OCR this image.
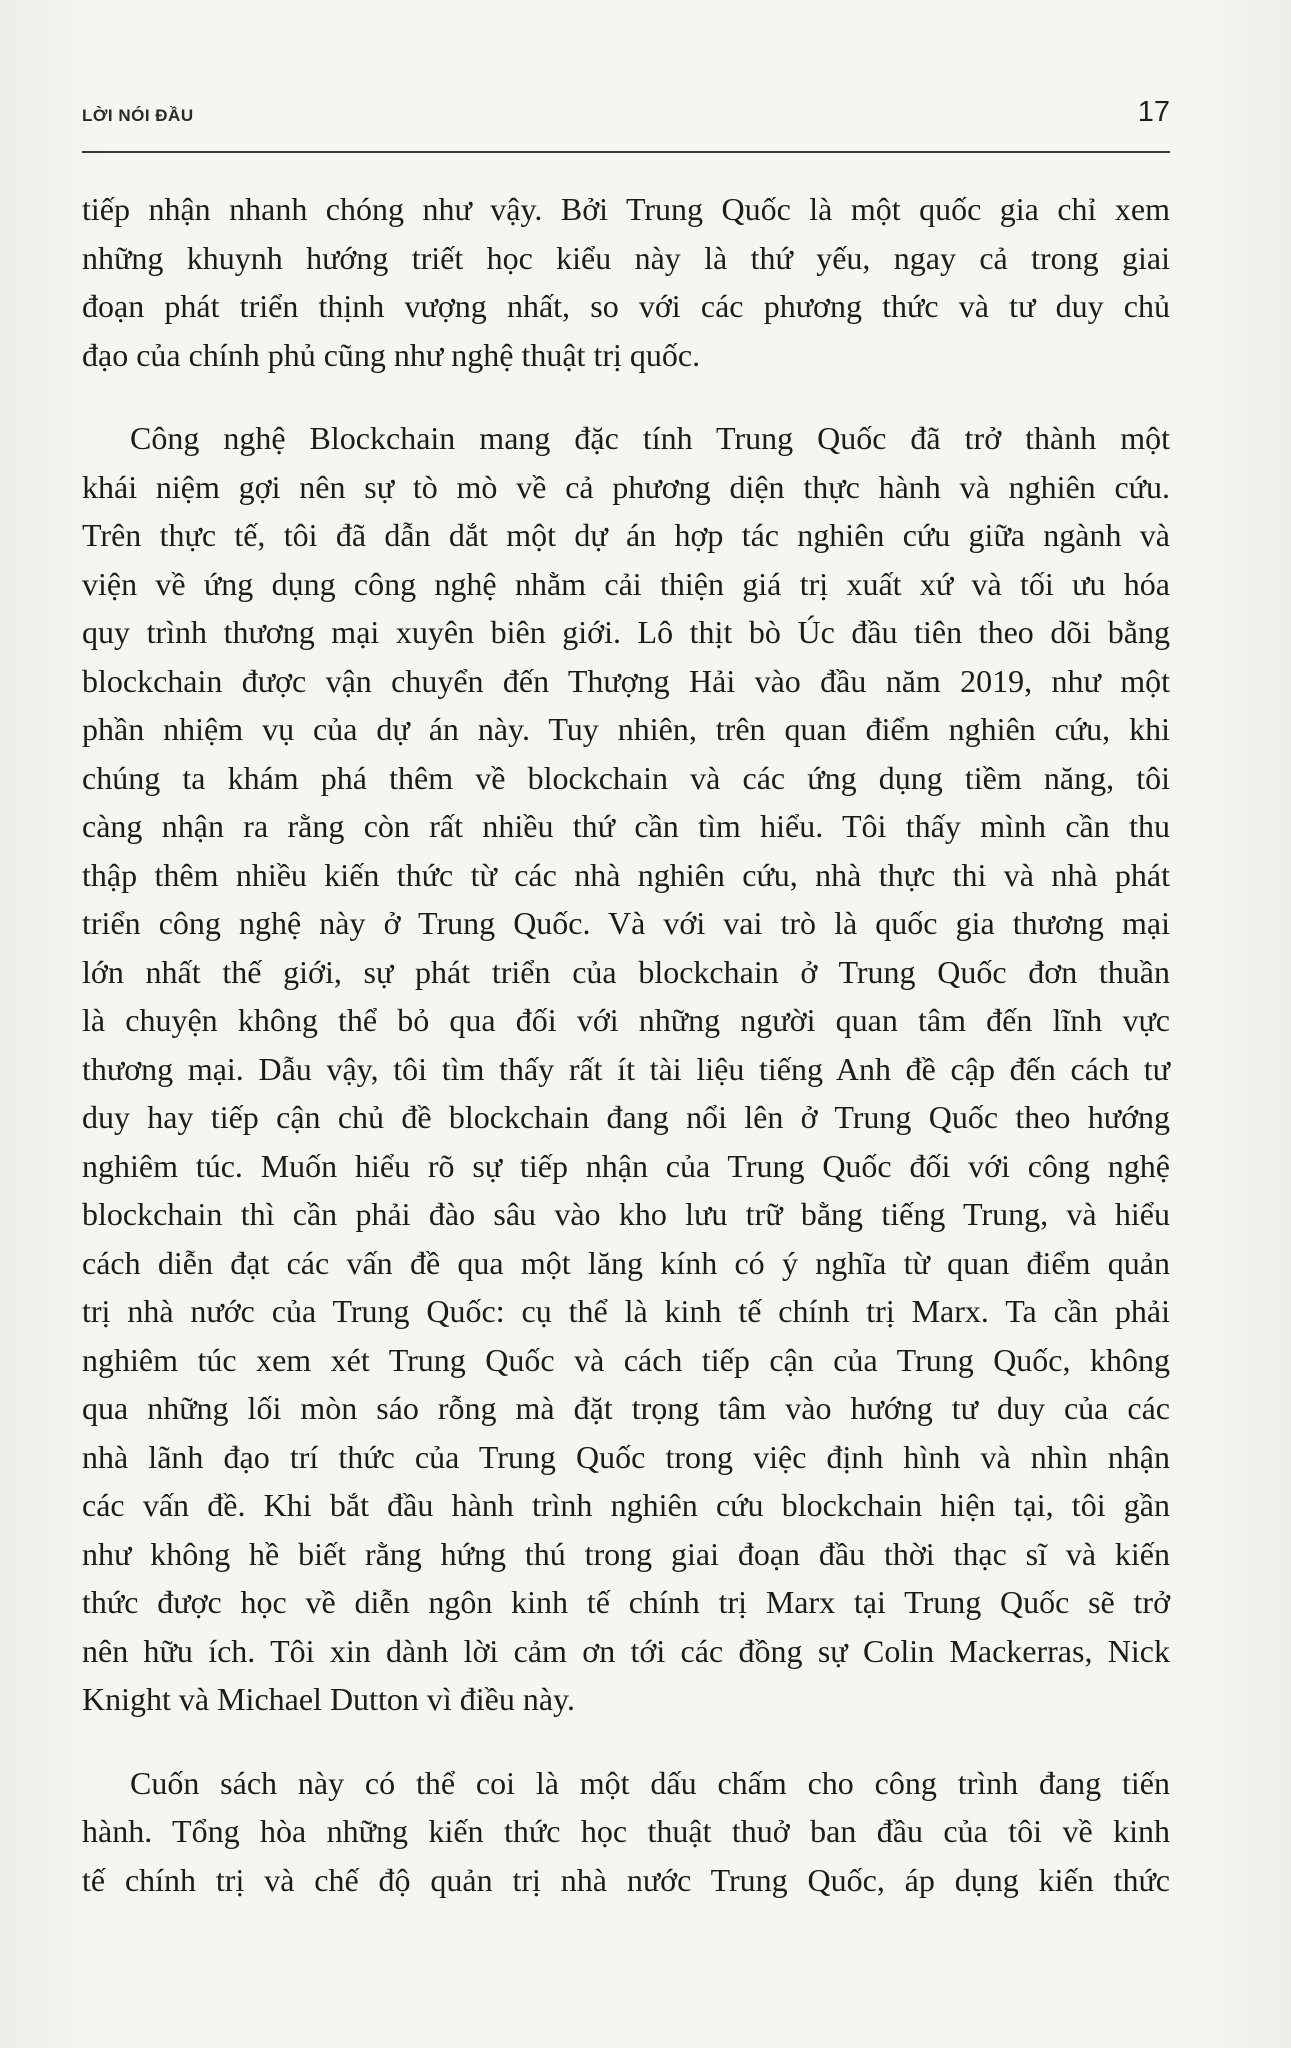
LỜI NÓI ĐẦU	17
tiếp nhận nhanh chóng như vậy. Bởi Trung Quốc là một quốc gia chỉ xem
những khuynh hướng triết học kiểu này là thứ yếu, ngay cả trong giai
đoạn phát triển thịnh vượng nhất, so với các phương thức và tư duy chủ
đạo của chính phủ cũng như nghệ thuật trị quốc.
Công nghệ Blockchain mang đặc tính Trung Quốc đã trở thành một
khái niệm gợi nên sự tò mò về cả phương diện thực hành và nghiên cứu.
Trên thực tế, tôi đã dẫn dắt một dự án hợp tác nghiên cứu giữa ngành và
viện về ứng dụng công nghệ nhằm cải thiện giá trị xuất xứ và tối ưu hóa
quy trình thương mại xuyên biên giới. Lô thịt bò Úc đầu tiên theo dõi bằng
blockchain được vận chuyển đến Thượng Hải vào đầu năm 2019, như một
phần nhiệm vụ của dự án này. Tuy nhiên, trên quan điểm nghiên cứu, khi
chúng ta khám phá thêm về blockchain và các ứng dụng tiềm năng, tôi
càng nhận ra rằng còn rất nhiều thứ cần tìm hiểu. Tôi thấy mình cần thu
thập thêm nhiều kiến thức từ các nhà nghiên cứu, nhà thực thi và nhà phát
triển công nghệ này ở Trung Quốc. Và với vai trò là quốc gia thương mại
lớn nhất thế giới, sự phát triển của blockchain ở Trung Quốc đơn thuần
là chuyện không thể bỏ qua đối với những người quan tâm đến lĩnh vực
thương mại. Dẫu vậy, tôi tìm thấy rất ít tài liệu tiếng Anh đề cập đến cách tư
duy hay tiếp cận chủ đề blockchain đang nổi lên ở Trung Quốc theo hướng
nghiêm túc. Muốn hiểu rõ sự tiếp nhận của Trung Quốc đối với công nghệ
blockchain thì cần phải đào sâu vào kho lưu trữ bằng tiếng Trung, và hiểu
cách diễn đạt các vấn đề qua một lăng kính có ý nghĩa từ quan điểm quản
trị nhà nước của Trung Quốc: cụ thể là kinh tế chính trị Marx. Ta cần phải
nghiêm túc xem xét Trung Quốc và cách tiếp cận của Trung Quốc, không
qua những lối mòn sáo rỗng mà đặt trọng tâm vào hướng tư duy của các
nhà lãnh đạo trí thức của Trung Quốc trong việc định hình và nhìn nhận
các vấn đề. Khi bắt đầu hành trình nghiên cứu blockchain hiện tại, tôi gần
như không hề biết rằng hứng thú trong giai đoạn đầu thời thạc sĩ và kiến
thức được học về diễn ngôn kinh tế chính trị Marx tại Trung Quốc sẽ trở
nên hữu ích. Tôi xin dành lời cảm ơn tới các đồng sự Colin Mackerras, Nick
Knight và Michael Dutton vì điều này.
Cuốn sách này có thể coi là một dấu chấm cho công trình đang tiến
hành. Tổng hòa những kiến thức học thuật thuở ban đầu của tôi về kinh
tế chính trị và chế độ quản trị nhà nước Trung Quốc, áp dụng kiến thức
